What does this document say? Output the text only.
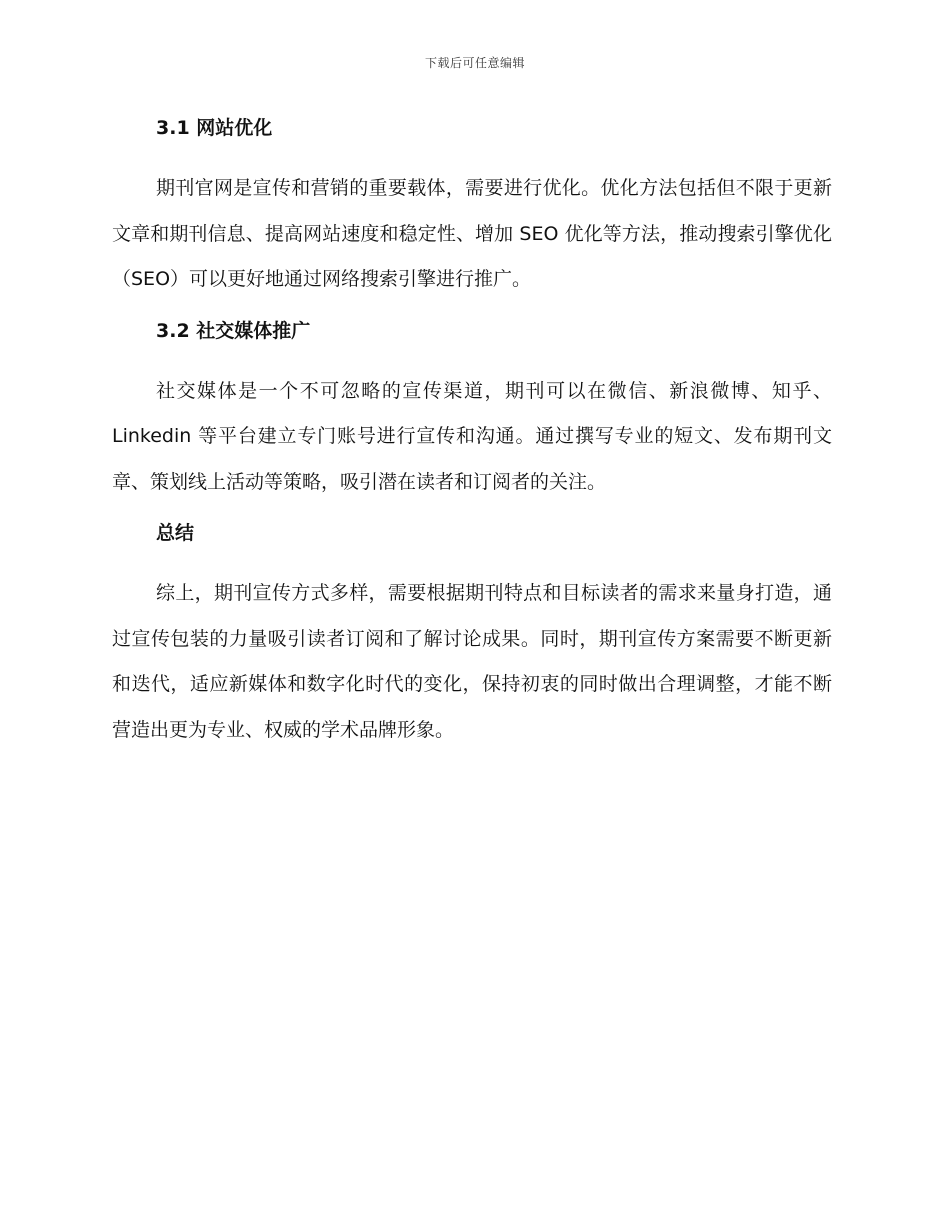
下载后可任意编辑
3.1 网站优化

期刊官网是宣传和营销的重要载体，需要进行优化。优化方法包括但不限于更新文章和期刊信息、提高网站速度和稳定性、增加 SEO 优化等方法，推动搜索引擎优化（SEO）可以更好地通过网络搜索引擎进行推广。

3.2 社交媒体推广

社交媒体是一个不可忽略的宣传渠道，期刊可以在微信、新浪微博、知乎、Linkedin 等平台建立专门账号进行宣传和沟通。通过撰写专业的短文、发布期刊文章、策划线上活动等策略，吸引潜在读者和订阅者的关注。

总结

综上，期刊宣传方式多样，需要根据期刊特点和目标读者的需求来量身打造，通过宣传包装的力量吸引读者订阅和了解讨论成果。同时，期刊宣传方案需要不断更新和迭代，适应新媒体和数字化时代的变化，保持初衷的同时做出合理调整，才能不断营造出更为专业、权威的学术品牌形象。
